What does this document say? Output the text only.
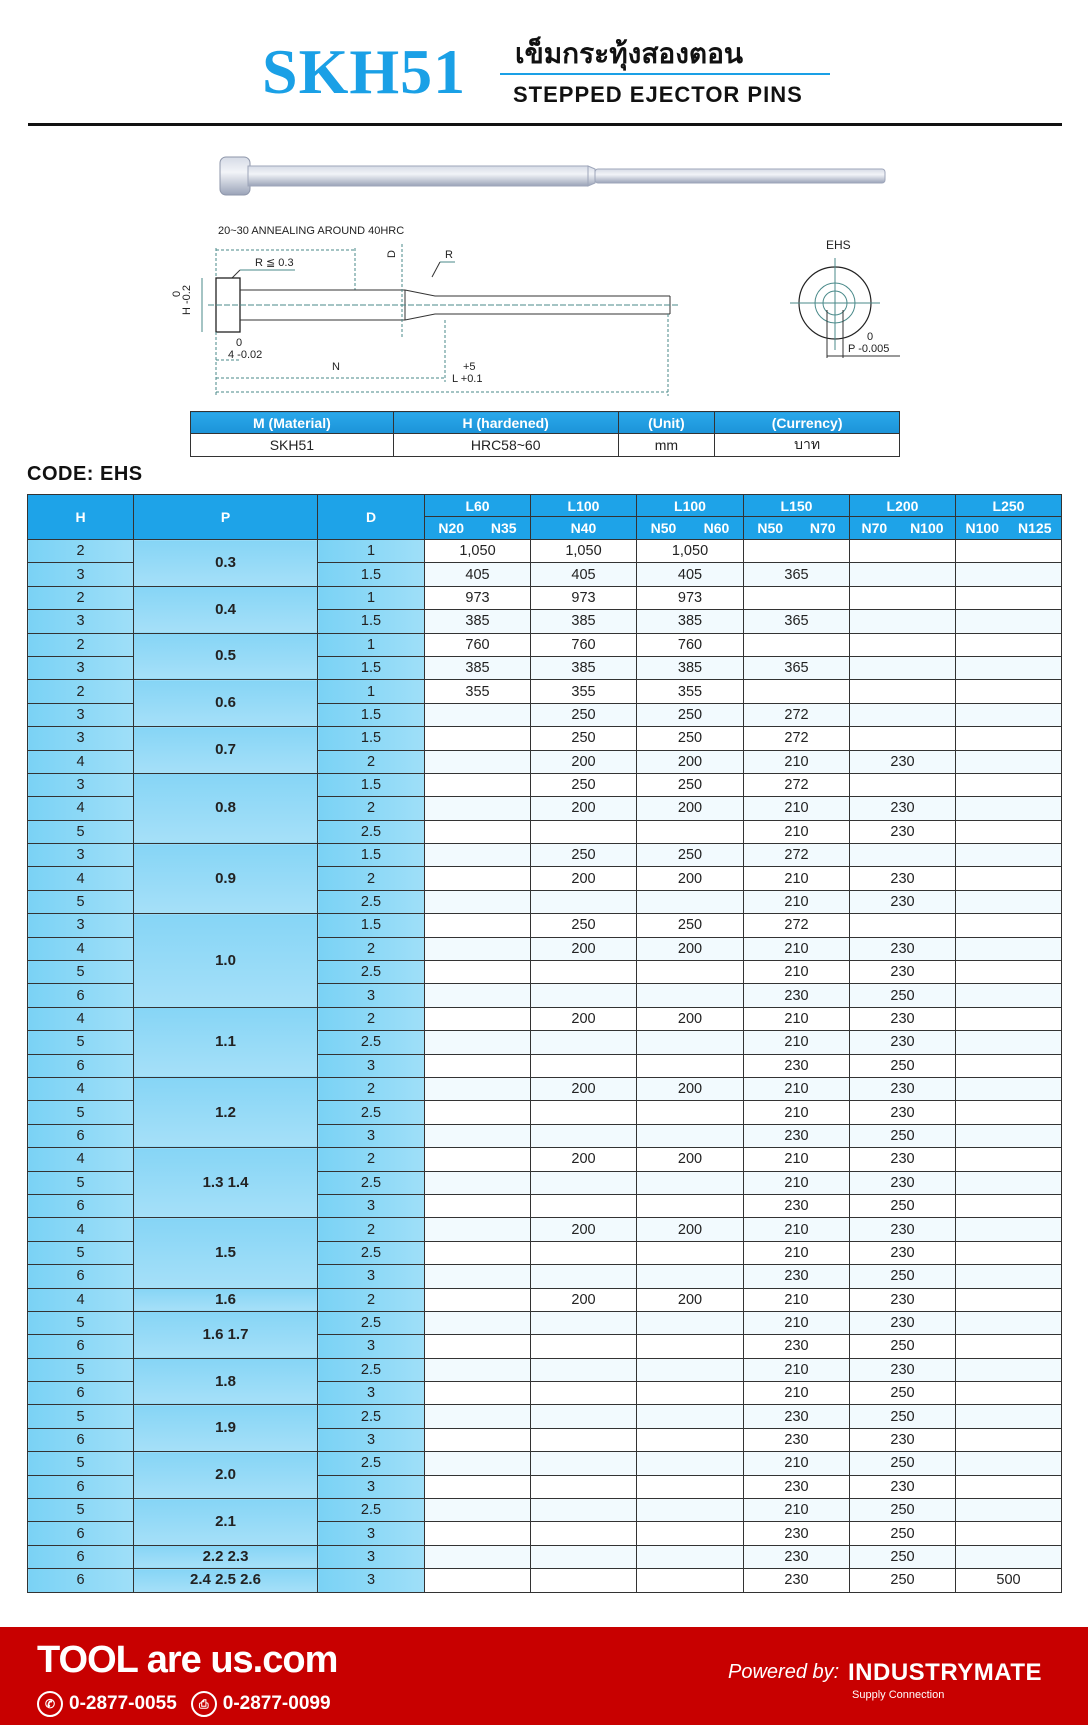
SKH51 เข็มกระทุ้งสองตอน
STEPPED EJECTOR PINS
20~30 ANNEALING AROUND 40HRC
R ≦ 0.3
D	R
0
H -0.2
0
4 -0.02
N	+5
L +0.1
EHS
0
P -0.005
M (Material)	H (hardened)	(Unit)	(Currency)
SKH51	HRC58~60	mm	บาท
CODE: EHS
H	P	D	L60	L100	L100	L150	L200	L250

			N20 N35	N40	N50 N60	N50 N70	N70 N100	N100 N125

2	0.3	1	1,050	1,050	1,050			
3		1.5	405	405	405	365		
2	0.4	1	973	973	973			
3		1.5	385	385	385	365		
2	0.5	1	760	760	760			
3		1.5	385	385	385	365		
2	0.6	1	355	355	355			
3		1.5		250	250	272		
3	0.7	1.5		250	250	272		
4		2		200	200	210	230	
3	0.8	1.5		250	250	272		
4		2		200	200	210	230	
5		2.5				210	230	
3	0.9	1.5		250	250	272		
4		2		200	200	210	230	
5		2.5				210	230	
3	1.0	1.5		250	250	272		
4		2		200	200	210	230	
5		2.5				210	230	
6		3				230	250	
4	1.1	2		200	200	210	230	
5		2.5				210	230	
6		3				230	250	
4	1.2	2		200	200	210	230	
5		2.5				210	230	
6		3				230	250	
4	1.3 1.4	2		200	200	210	230	
5		2.5				210	230	
6		3				230	250	
4	1.5	2		200	200	210	230	
5		2.5				210	230	
6		3				230	250	
4	1.6	2		200	200	210	230	
5	1.6 1.7	2.5				210	230	
6		3				230	250	
5	1.8	2.5				210	230	
6		3				210	250	
5	1.9	2.5				230	250	
6		3				230	230	
5	2.0	2.5				210	250	
6		3				230	230	
5	2.1	2.5				210	250	
6		3				230	250	
6	2.2 2.3	3				230	250	
6	2.4 2.5 2.6	3				230	250	500
TOOL are us.com
✆ 0-2877-0055	⎙ 0-2877-0099
Powered by: INDUSTRYMATE
Supply Connection
